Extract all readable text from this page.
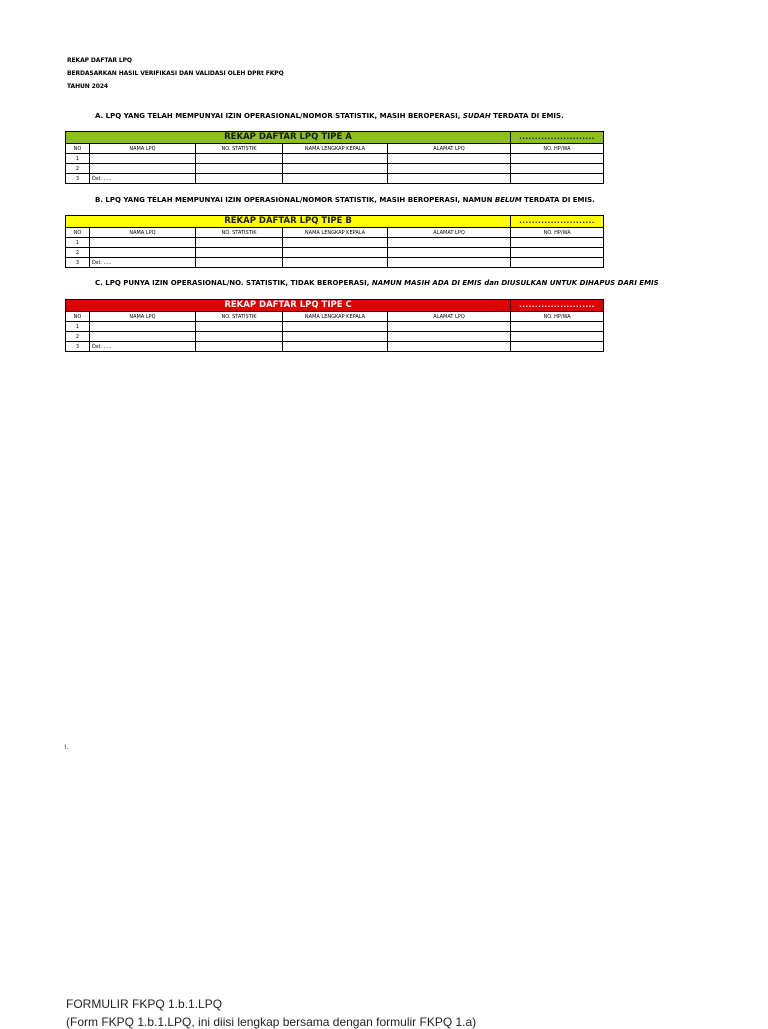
REKAP DAFTAR LPQ
BERDASARKAN HASIL VERIFIKASI DAN VALIDASI OLEH DPRt FKPQ
TAHUN 2024
A. LPQ YANG TELAH MEMPUNYAI IZIN OPERASIONAL/NOMOR STATISTIK, MASIH BEROPERASI, SUDAH TERDATA DI EMIS.
REKAP DAFTAR LPQ TIPE A					........................
NO	NAMA LPQ	NO. STATISTIK	NAMA LENGKAP KEPALA	ALAMAT LPQ	NO. HP/WA
1					
2					
3	Dst. .....				
B. LPQ YANG TELAH MEMPUNYAI IZIN OPERASIONAL/NOMOR STATISTIK, MASIH BEROPERASI, NAMUN BELUM TERDATA DI EMIS.
REKAP DAFTAR LPQ TIPE B					........................
NO	NAMA LPQ	NO. STATISTIK	NAMA LENGKAP KEPALA	ALAMAT LPQ	NO. HP/WA
1					
2					
3	Dst. .....				
C. LPQ PUNYA IZIN OPERASIONAL/NO. STATISTIK, TIDAK BEROPERASI, NAMUN MASIH ADA DI EMIS dan DIUSULKAN UNTUK DIHAPUS DARI EMIS
REKAP DAFTAR LPQ TIPE C					........................
NO	NAMA LPQ	NO. STATISTIK	NAMA LENGKAP KEPALA	ALAMAT LPQ	NO. HP/WA
1					
2					
3	Dst. .....				
!.
FORMULIR FKPQ 1.b.1.LPQ
(Form FKPQ 1.b.1.LPQ, ini diisi lengkap bersama dengan formulir FKPQ 1.a)
